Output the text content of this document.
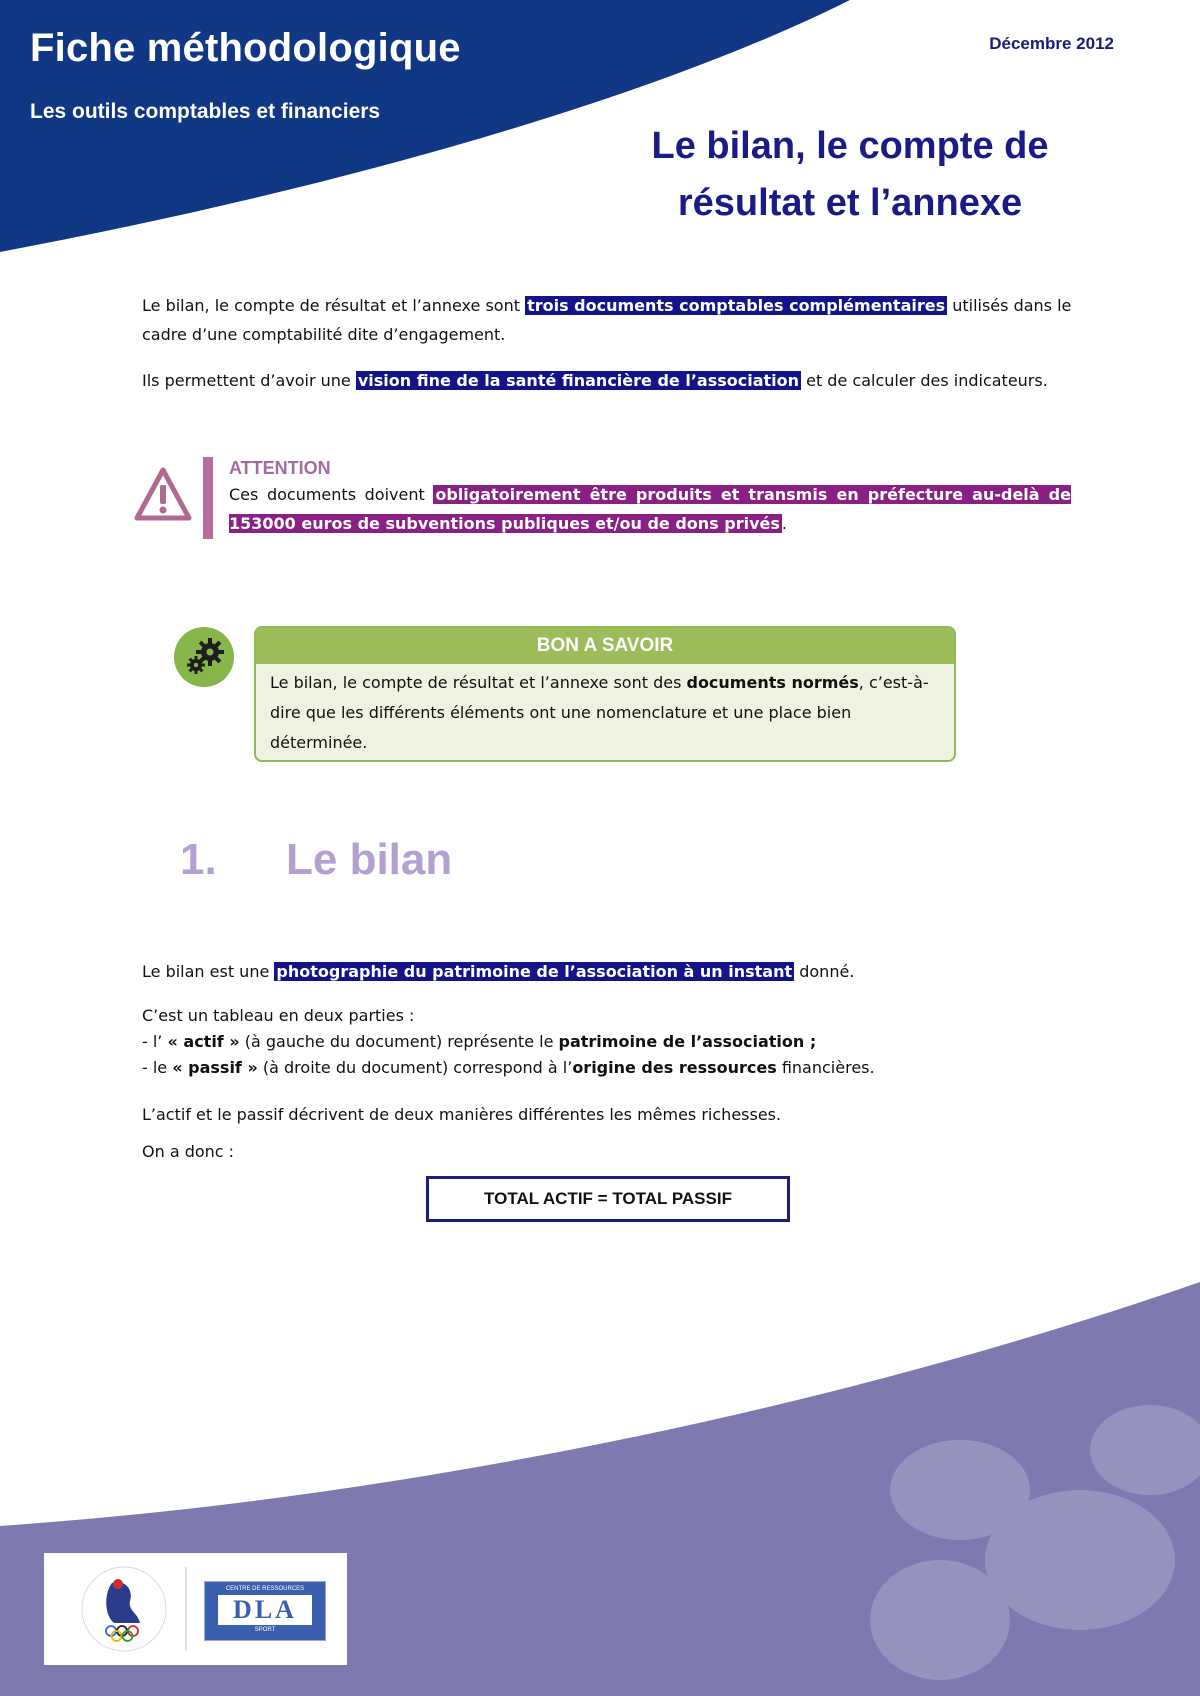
Fiche méthodologique
Les outils comptables et financiers
Décembre 2012
Le bilan, le compte de
résultat et l’annexe
Le bilan, le compte de résultat et l’annexe sont trois documents comptables complémentaires utilisés dans le cadre d’une comptabilité dite d’engagement.
Ils permettent d’avoir une vision fine de la santé financière de l’association et de calculer des indicateurs.
ATTENTION
Ces documents doivent obligatoirement être produits et transmis en préfecture au-delà de 153000 euros de subventions publiques et/ou de dons privés .
BON A SAVOIR
Le bilan, le compte de résultat et l’annexe sont des documents normés, c’est-à-dire que les différents éléments ont une nomenclature et une place bien déterminée.
1. Le bilan
Le bilan est une photographie du patrimoine de l’association à un instant donné.
C’est un tableau en deux parties :
- l’ « actif » (à gauche du document) représente le patrimoine de l’association ;
- le « passif » (à droite du document) correspond à l’origine des ressources financières.
L’actif et le passif décrivent de deux manières différentes les mêmes richesses.
On a donc :
TOTAL ACTIF = TOTAL PASSIF
CENTRE DE RESSOURCES
DLA
SPORT
